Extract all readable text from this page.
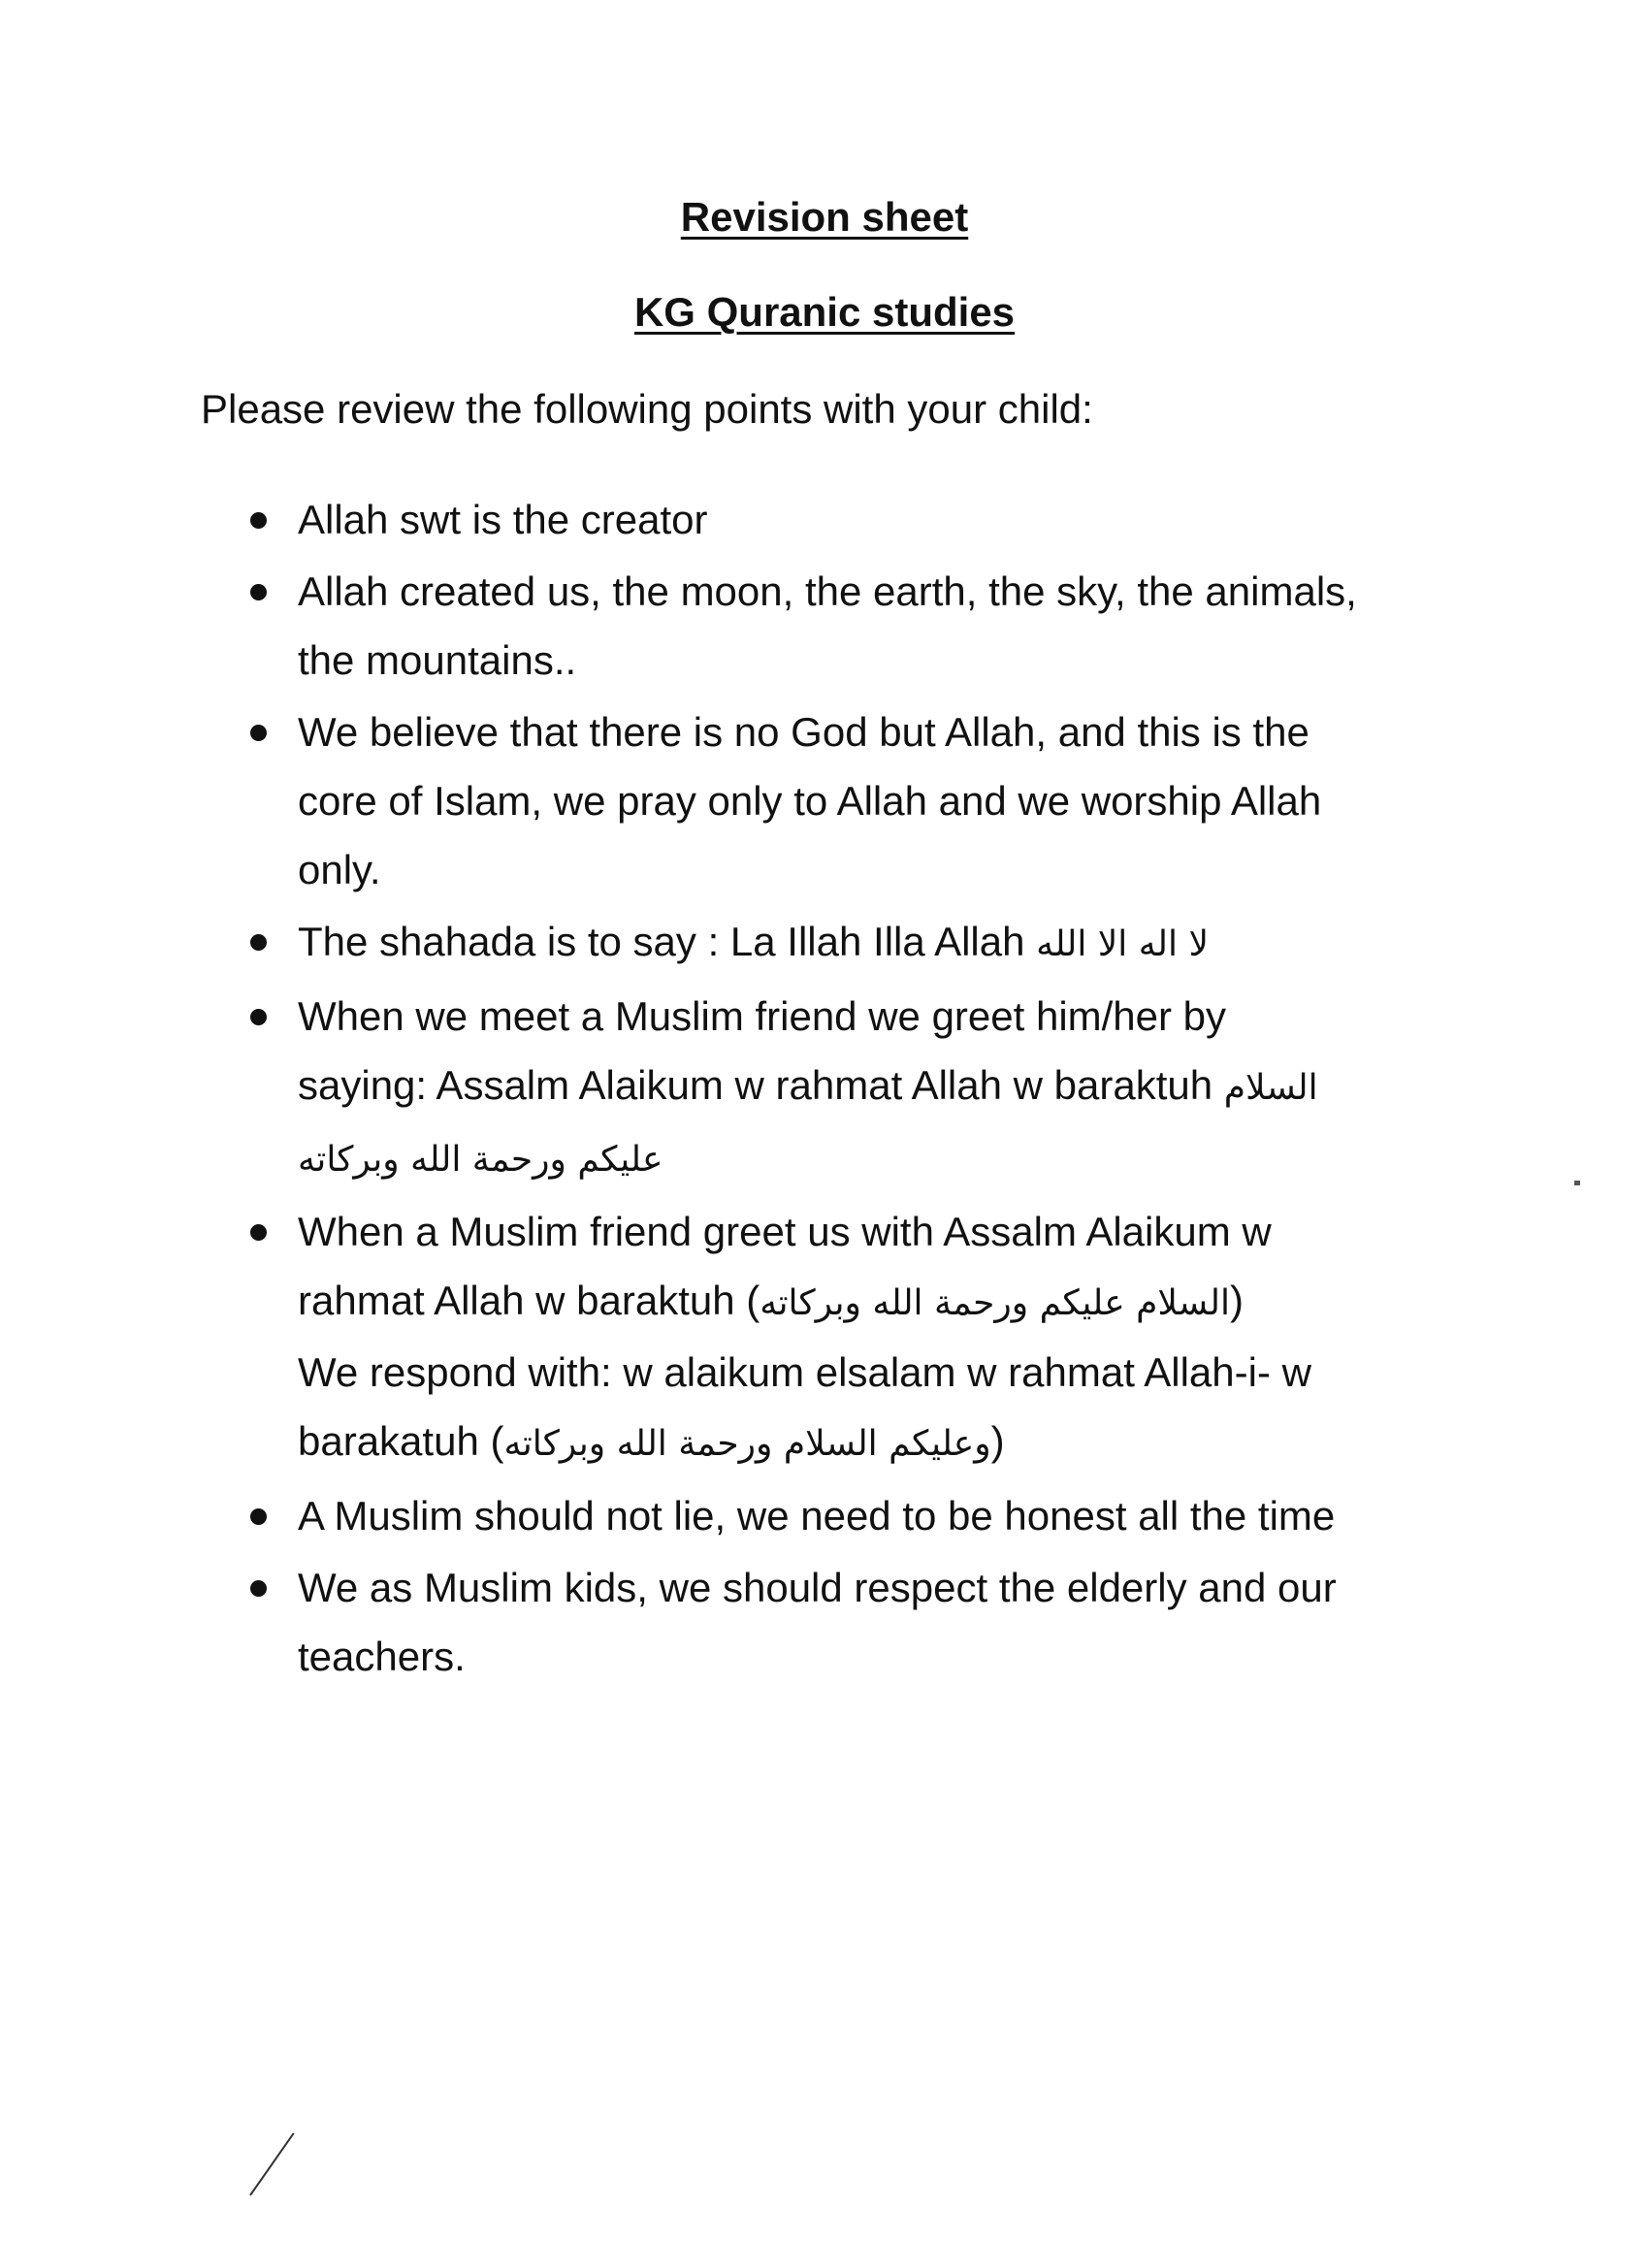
Revision sheet
KG Quranic studies
Please review the following points with your child:
Allah swt is the creator
Allah created us, the moon, the earth, the sky, the animals,
the mountains..
We believe that there is no God but Allah, and this is the
core of Islam, we pray only to Allah and we worship Allah
only.
The shahada is to say : La Illah Illa Allah لا اله الا الله
When we meet a Muslim friend we greet him/her by
saying: Assalm Alaikum w rahmat Allah w baraktuh السلام
عليكم ورحمة الله وبركاته
When a Muslim friend greet us with Assalm Alaikum w
rahmat Allah w baraktuh (السلام عليكم ورحمة الله وبركاته)
We respond with: w alaikum elsalam w rahmat Allah-i- w
barakatuh (وعليكم السلام ورحمة الله وبركاته)
A Muslim should not lie, we need to be honest all the time
We as Muslim kids, we should respect the elderly and our
teachers.
